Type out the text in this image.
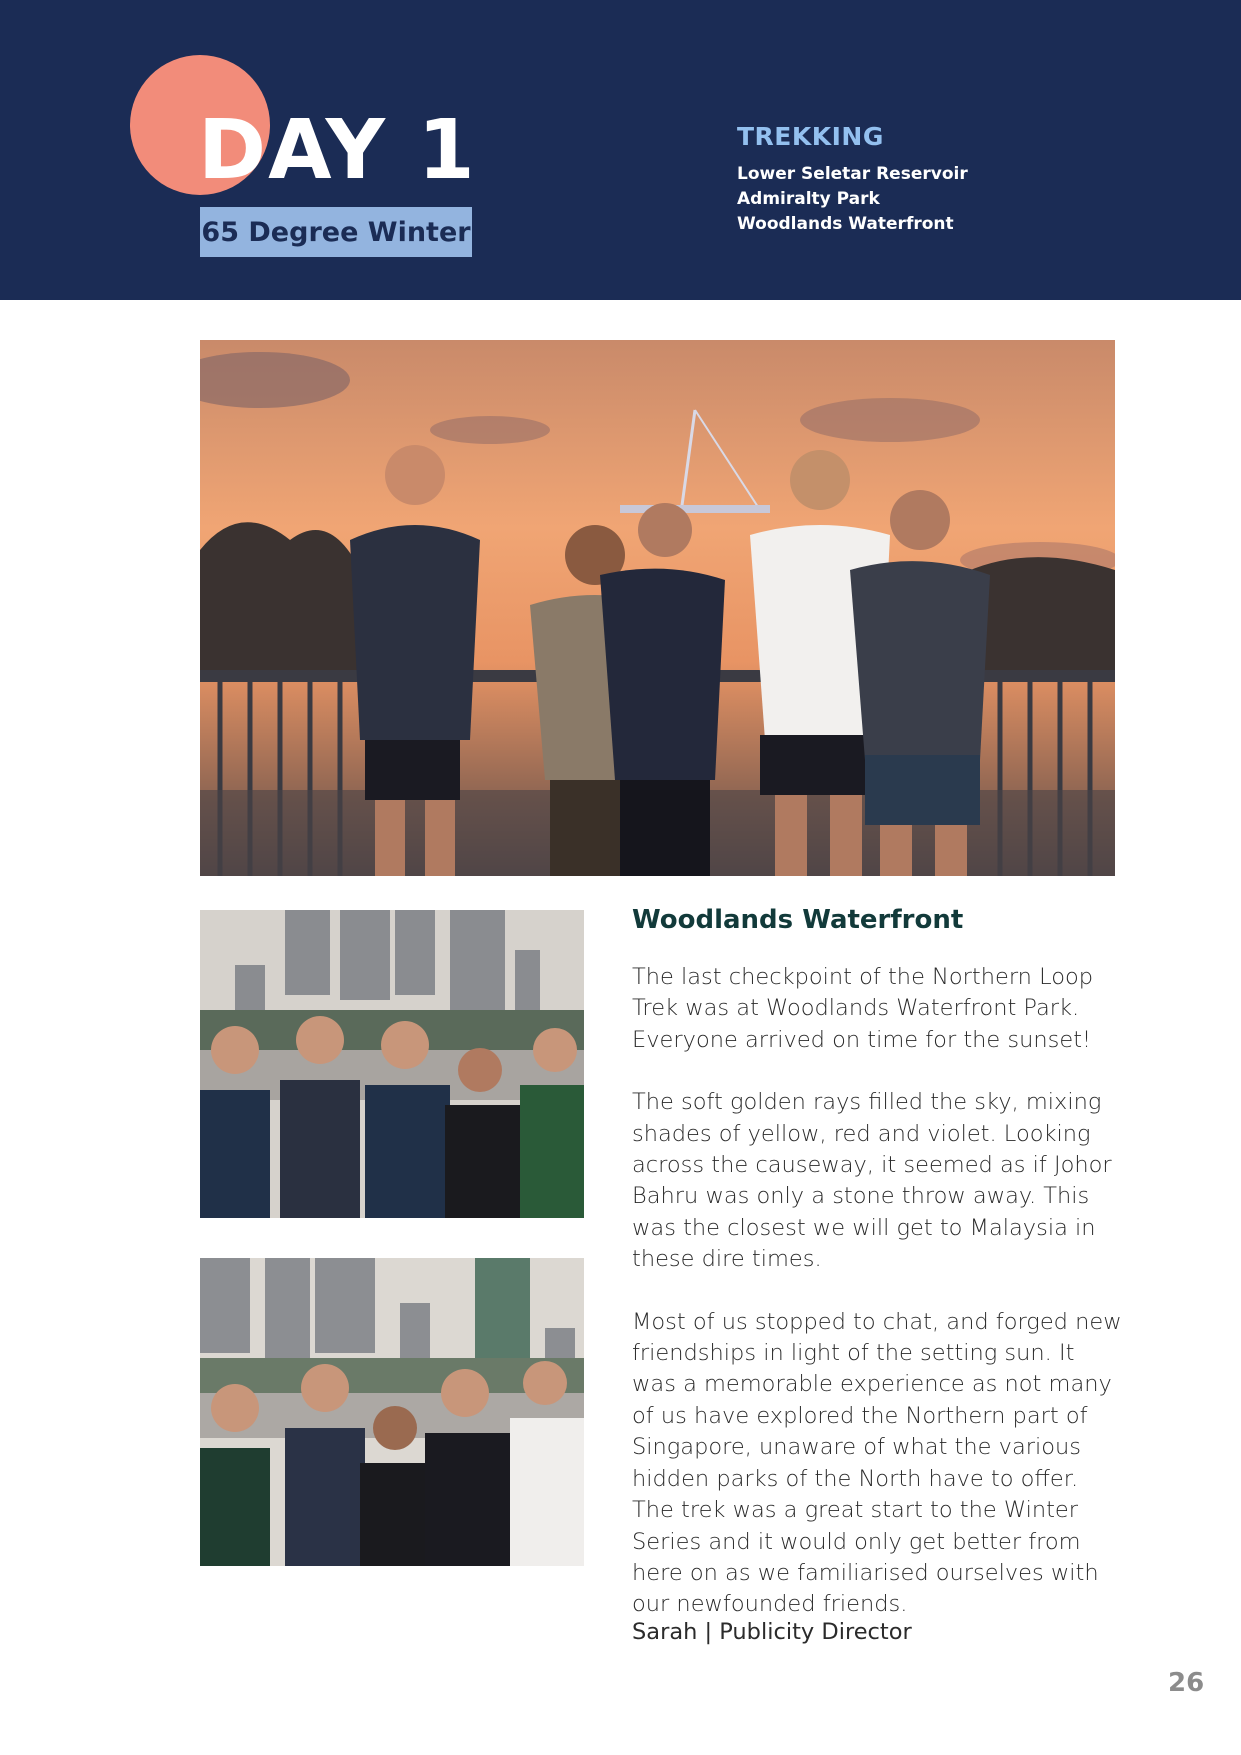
DAY 1
65 Degree Winter
TREKKING
Lower Seletar Reservoir
Admiralty Park
Woodlands Waterfront
Woodlands Waterfront

The last checkpoint of the Northern Loop Trek was at Woodlands Waterfront Park. Everyone arrived on time for the sunset!

The soft golden rays filled the sky, mixing shades of yellow, red and violet. Looking across the causeway, it seemed as if Johor Bahru was only a stone throw away. This was the closest we will get to Malaysia in these dire times.

Most of us stopped to chat, and forged new friendships in light of the setting sun. It was a memorable experience as not many of us have explored the Northern part of Singapore, unaware of what the various hidden parks of the North have to offer. The trek was a great start to the Winter Series and it would only get better from here on as we familiarised ourselves with our newfounded friends.

Sarah | Publicity Director
26
